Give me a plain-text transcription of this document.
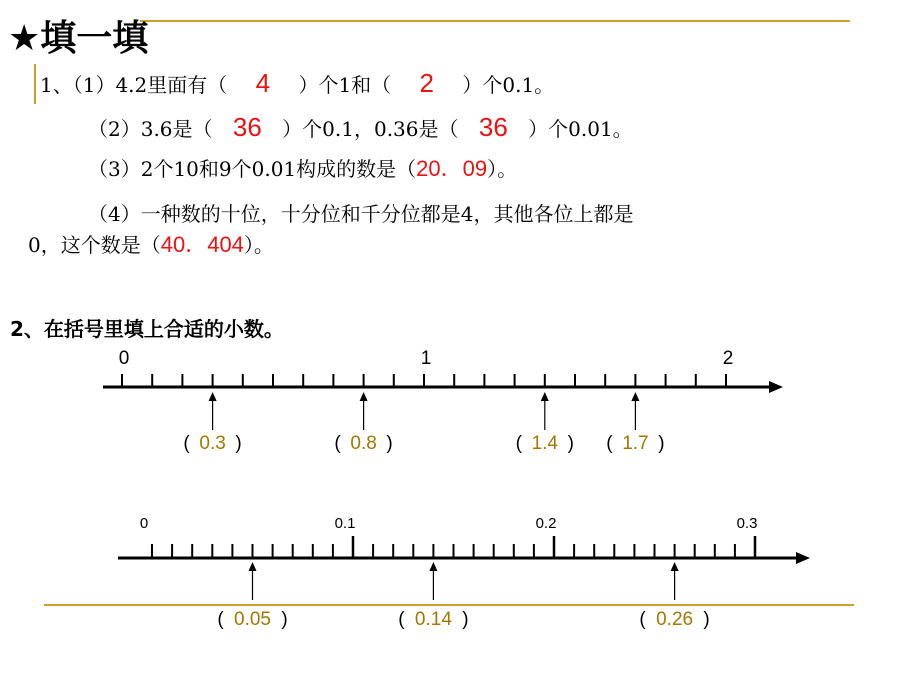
★填一填
1、（1）4.2里面有（ 4 ）个1和（ 2 ）个0.1。
（2）3.6是（ 36 ）个0.1，0.36是（ 36 ）个0.01。
（3）2个10和9个0.01构成的数是（20．09）。
（4）一种数的十位，十分位和千分位都是4，其他各位上都是
0，这个数是（40．404）。
2、在括号里填上合适的小数。
0	1	2
( 0.3 )	( 0.8 )	( 1.4 ) ( 1.7 )
0	0.1	0.2	0.3
( 0.05 )	( 0.14 )	( 0.26 )
